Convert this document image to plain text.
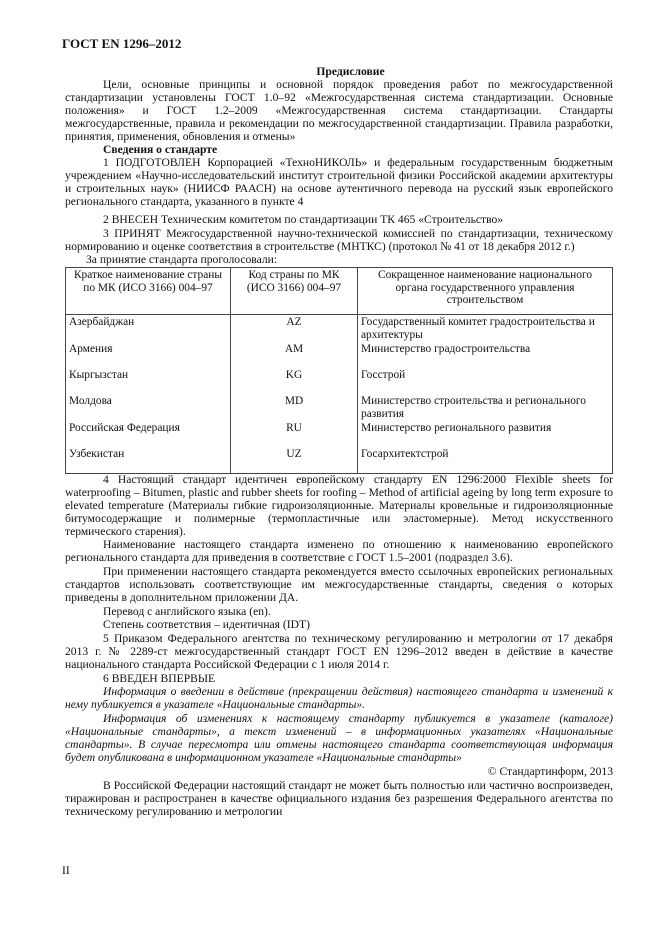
ГОСТ EN 1296–2012
Предисловие
Цели, основные принципы и основной порядок проведения работ по межгосударственной стандартизации установлены ГОСТ 1.0–92 «Межгосударственная система стандартизации. Основные положения» и ГОСТ 1.2–2009 «Межгосударственная система стандартизации. Стандарты межгосударственные, правила и рекомендации по межгосударственной стандартизации. Правила разработки, принятия, применения, обновления и отмены»
Сведения о стандарте
1 ПОДГОТОВЛЕН Корпорацией «ТехноНИКОЛЬ» и федеральным государственным бюджетным учреждением «Научно-исследовательский институт строительной физики Российской академии архитектуры и строительных наук» (НИИСФ РААСН) на основе аутентичного перевода на русский язык европейского регионального стандарта, указанного в пункте 4
2 ВНЕСЕН Техническим комитетом по стандартизации ТК 465 «Строительство»
3 ПРИНЯТ Межгосударственной научно-технической комиссией по стандартизации, техническому нормированию и оценке соответствия в строительстве (МНТКС) (протокол № 41 от 18 декабря 2012 г.)
За принятие стандарта проголосовали:
Краткое наименование страны по МК (ИСО 3166) 004–97	Код страны по МК (ИСО 3166) 004–97	Сокращенное наименование национального органа государственного управления строительством
Азербайджан	AZ	Государственный комитет градостроительства и архитектуры
Армения	AM	Министерство градостроительства
Кыргызстан	KG	Госстрой
Молдова	MD	Министерство строительства и регионального развития
Российская Федерация	RU	Министерство регионального развития
Узбекистан	UZ	Госархитектстрой
4 Настоящий стандарт идентичен европейскому стандарту EN 1296:2000 Flexible sheets for waterproofing – Bitumen, plastic and rubber sheets for roofing – Method of artificial ageing by long term exposure to elevated temperature (Материалы гибкие гидроизоляционные. Материалы кровельные и гидроизоляционные битумосодержащие и полимерные (термопластичные или эластомерные). Метод искусственного термического старения).
Наименование настоящего стандарта изменено по отношению к наименованию европейского регионального стандарта для приведения в соответствие с ГОСТ 1.5–2001 (подраздел 3.6).
При применении настоящего стандарта рекомендуется вместо ссылочных европейских региональных стандартов использовать соответствующие им межгосударственные стандарты, сведения о которых приведены в дополнительном приложении ДА.
Перевод с английского языка (en).
Степень соответствия – идентичная (IDT)
5 Приказом Федерального агентства по техническому регулированию и метрологии от 17 декабря 2013 г. № 2289-ст межгосударственный стандарт ГОСТ EN 1296–2012 введен в действие в качестве национального стандарта Российской Федерации с 1 июля 2014 г.
6 ВВЕДЕН ВПЕРВЫЕ
Информация о введении в действие (прекращении действия) настоящего стандарта и изменений к нему публикуется в указателе «Национальные стандарты».
Информация об изменениях к настоящему стандарту публикуется в указателе (каталоге) «Национальные стандарты», а текст изменений – в информационных указателях «Национальные стандарты». В случае пересмотра или отмены настоящего стандарта соответствующая информация будет опубликована в информационном указателе «Национальные стандарты»
© Стандартинформ, 2013
В Российской Федерации настоящий стандарт не может быть полностью или частично воспроизведен, тиражирован и распространен в качестве официального издания без разрешения Федерального агентства по техническому регулированию и метрологии
II
